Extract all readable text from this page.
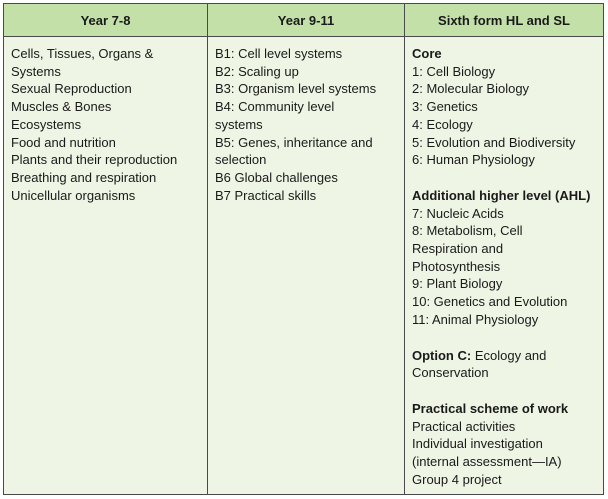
Year 7-8	Year 9-11	Sixth form HL and SL
Cells, Tissues, Organs &
Systems
Sexual Reproduction
Muscles & Bones
Ecosystems
Food and nutrition
Plants and their reproduction
Breathing and respiration
Unicellular organisms
B1: Cell level systems
B2: Scaling up
B3: Organism level systems
B4: Community level
systems
B5: Genes, inheritance and
selection
B6 Global challenges
B7 Practical skills
Core
1: Cell Biology
2: Molecular Biology
3: Genetics
4: Ecology
5: Evolution and Biodiversity
6: Human Physiology
Additional higher level (AHL)
7: Nucleic Acids
8: Metabolism, Cell
Respiration and
Photosynthesis
9: Plant Biology
10: Genetics and Evolution
11: Animal Physiology
Option C: Ecology and
Conservation
Practical scheme of work
Practical activities
Individual investigation
(internal assessment—IA)
Group 4 project
